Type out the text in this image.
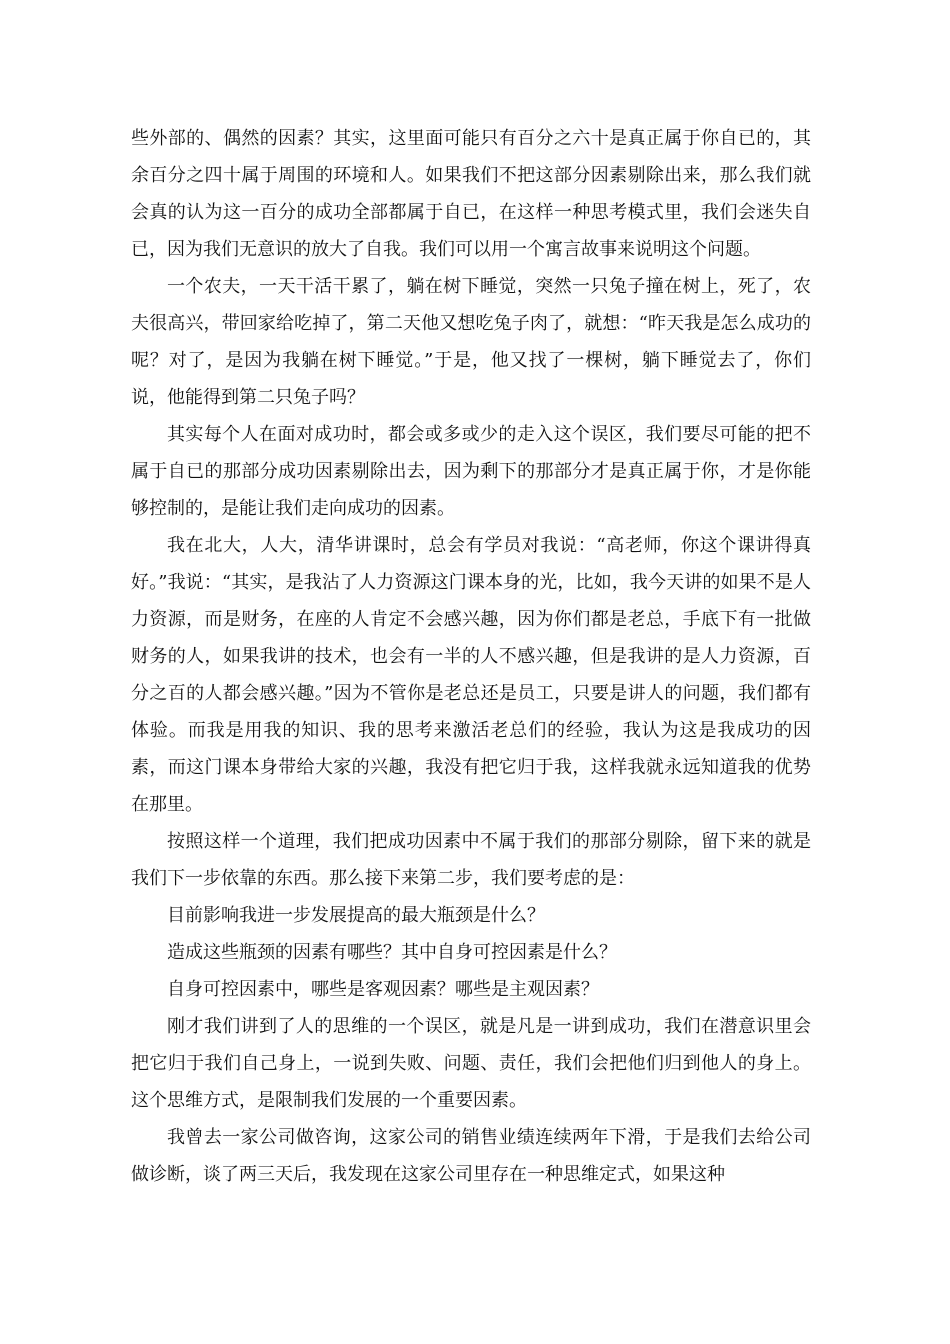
些外部的、偶然的因素？其实，这里面可能只有百分之六十是真正属于你自已的，其余百分之四十属于周围的环境和人。如果我们不把这部分因素剔除出来，那么我们就会真的认为这一百分的成功全部都属于自已，在这样一种思考模式里，我们会迷失自已，因为我们无意识的放大了自我。我们可以用一个寓言故事来说明这个问题。

一个农夫，一天干活干累了，躺在树下睡觉，突然一只兔子撞在树上，死了，农夫很高兴，带回家给吃掉了，第二天他又想吃兔子肉了，就想：“昨天我是怎么成功的呢？对了，是因为我躺在树下睡觉。”于是，他又找了一棵树，躺下睡觉去了，你们说，他能得到第二只兔子吗？

其实每个人在面对成功时，都会或多或少的走入这个误区，我们要尽可能的把不属于自已的那部分成功因素剔除出去，因为剩下的那部分才是真正属于你，才是你能够控制的，是能让我们走向成功的因素。

我在北大，人大，清华讲课时，总会有学员对我说：“高老师，你这个课讲得真好。”我说：“其实，是我沾了人力资源这门课本身的光，比如，我今天讲的如果不是人力资源，而是财务，在座的人肯定不会感兴趣，因为你们都是老总，手底下有一批做财务的人，如果我讲的技术，也会有一半的人不感兴趣，但是我讲的是人力资源，百分之百的人都会感兴趣。”因为不管你是老总还是员工，只要是讲人的问题，我们都有体验。而我是用我的知识、我的思考来激活老总们的经验，我认为这是我成功的因素，而这门课本身带给大家的兴趣，我没有把它归于我，这样我就永远知道我的优势在那里。

按照这样一个道理，我们把成功因素中不属于我们的那部分剔除，留下来的就是我们下一步依靠的东西。那么接下来第二步，我们要考虑的是：

目前影响我进一步发展提高的最大瓶颈是什么？

造成这些瓶颈的因素有哪些？其中自身可控因素是什么？

自身可控因素中，哪些是客观因素？哪些是主观因素？

刚才我们讲到了人的思维的一个误区，就是凡是一讲到成功，我们在潜意识里会把它归于我们自己身上，一说到失败、问题、责任，我们会把他们归到他人的身上。这个思维方式，是限制我们发展的一个重要因素。

我曾去一家公司做咨询，这家公司的销售业绩连续两年下滑，于是我们去给公司做诊断，谈了两三天后，我发现在这家公司里存在一种思维定式，如果这种
